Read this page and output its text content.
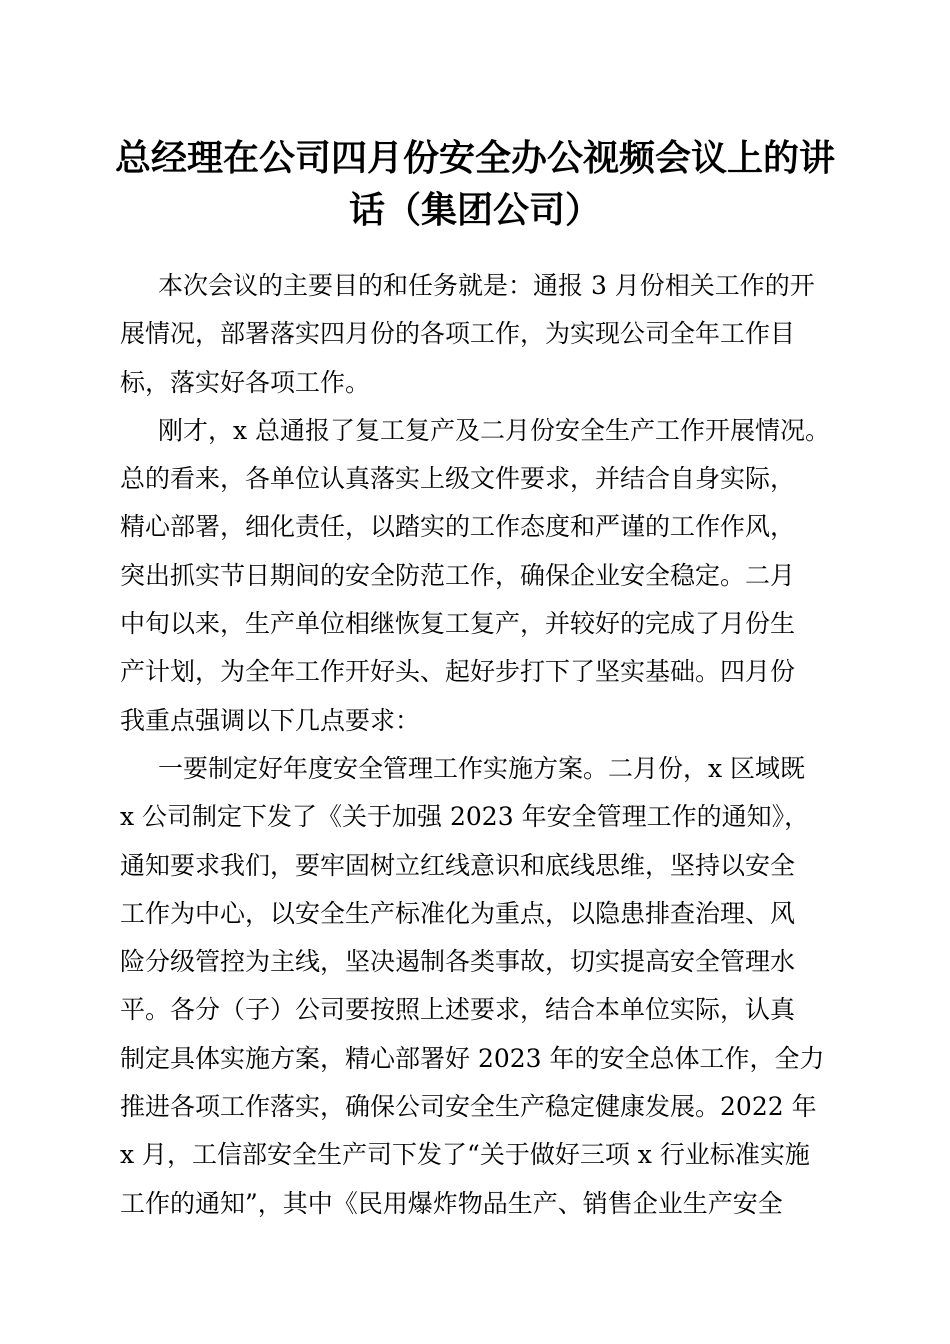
总经理在公司四月份安全办公视频会议上的讲
话（集团公司）
本次会议的主要目的和任务就是：通报 3 月份相关工作的开
展情况，部署落实四月份的各项工作，为实现公司全年工作目
标，落实好各项工作。
刚才，x 总通报了复工复产及二月份安全生产工作开展情况。
总的看来，各单位认真落实上级文件要求，并结合自身实际，
精心部署，细化责任，以踏实的工作态度和严谨的工作作风，
突出抓实节日期间的安全防范工作，确保企业安全稳定。二月
中旬以来，生产单位相继恢复工复产，并较好的完成了月份生
产计划，为全年工作开好头、起好步打下了坚实基础。四月份
我重点强调以下几点要求：
一要制定好年度安全管理工作实施方案。二月份，x 区域既
x 公司制定下发了《关于加强 2023 年安全管理工作的通知》，
通知要求我们，要牢固树立红线意识和底线思维，坚持以安全
工作为中心，以安全生产标准化为重点，以隐患排查治理、风
险分级管控为主线，坚决遏制各类事故，切实提高安全管理水
平。各分（子）公司要按照上述要求，结合本单位实际，认真
制定具体实施方案，精心部署好 2023 年的安全总体工作，全力
推进各项工作落实，确保公司安全生产稳定健康发展。2022 年
x 月，工信部安全生产司下发了“关于做好三项 x 行业标准实施
工作的通知”，其中《民用爆炸物品生产、销售企业生产安全
